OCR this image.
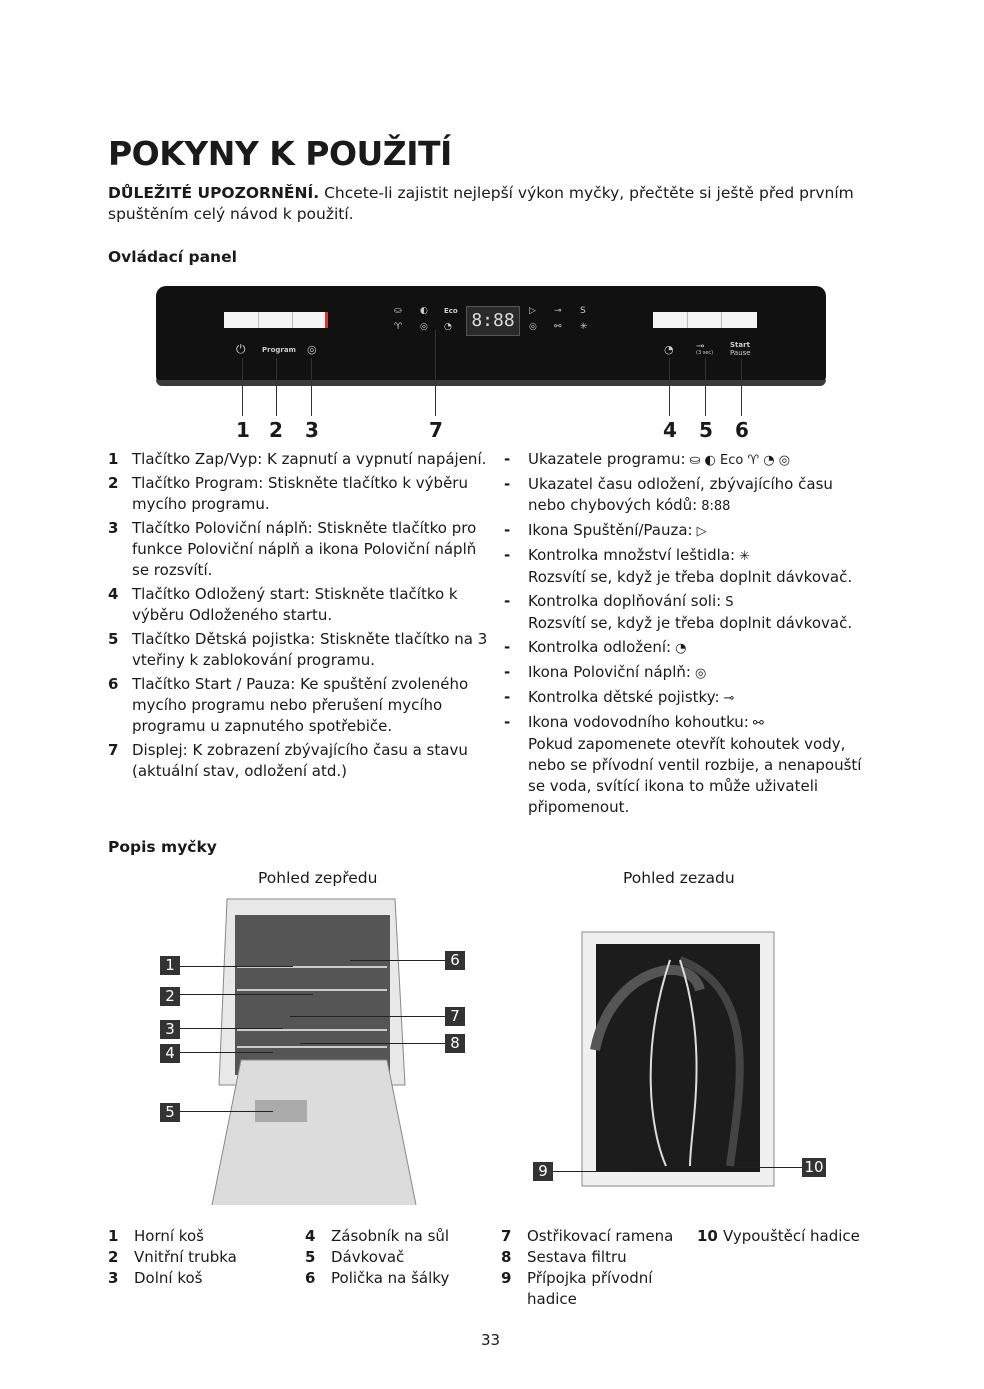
POKYNY K POUŽITÍ
DŮLEŽITÉ UPOZORNĚNÍ. Chcete-li zajistit nejlepší výkon myčky, přečtěte si ještě před prvním spuštěním celý návod k použití.
Ovládací panel
⏻ Program ◎
⛀ ◐ Eco
♈ ◎ ◔ 8:88	▷ ⊸ S
◎ ⚯ ✳
◔ ⊸
(3 sec)
Start
Pause
1 2 3	7	4 5 6
1 Tlačítko Zap/Vyp: K zapnutí a vypnutí napájení.
2 Tlačítko Program: Stiskněte tlačítko k výběru mycího programu.
3 Tlačítko Poloviční náplň: Stiskněte tlačítko pro funkce Poloviční náplň a ikona Poloviční náplň se rozsvítí.
4 Tlačítko Odložený start: Stiskněte tlačítko k výběru Odloženého startu.
5 Tlačítko Dětská pojistka: Stiskněte tlačítko na 3 vteřiny k zablokování programu.
6 Tlačítko Start / Pauza: Ke spuštění zvoleného mycího programu nebo přerušení mycího programu u zapnutého spotřebiče.
7 Displej: K zobrazení zbývajícího času a stavu (aktuální stav, odložení atd.)
- Ukazatele programu: ⛀ ◐ Eco ♈ ◔ ◎
- Ukazatel času odložení, zbývajícího času nebo chybových kódů: 8:88
- Ikona Spuštění/Pauza: ▷
- Kontrolka množství leštidla: ✳
Rozsvítí se, když je třeba doplnit dávkovač.
- Kontrolka doplňování soli: S
Rozsvítí se, když je třeba doplnit dávkovač.
- Kontrolka odložení: ◔
- Ikona Poloviční náplň: ◎
- Kontrolka dětské pojistky: ⊸
- Ikona vodovodního kohoutku: ⚯
Pokud zapomenete otevřít kohoutek vody, nebo se přívodní ventil rozbije, a nenapouští se voda, svítící ikona to může uživateli připomenout.
Popis myčky
Pohled zepředu	Pohled zezadu
1
2
3
4
5
6
7
8
9	10
1 Horní koš
2 Vnitřní trubka
3 Dolní koš
4 Zásobník na sůl
5 Dávkovač
6 Polička na šálky
7 Ostřikovací ramena
8 Sestava filtru
9 Přípojka přívodní hadice
10 Vypouštěcí hadice
33
